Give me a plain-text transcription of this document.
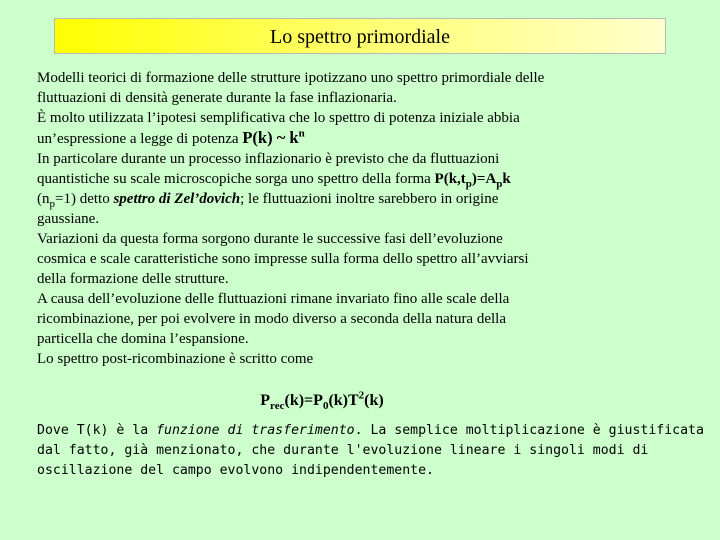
Lo spettro primordiale
Modelli teorici di formazione delle strutture ipotizzano uno spettro primordiale delle
fluttuazioni di densità generate durante la fase inflazionaria.
È molto utilizzata l’ipotesi semplificativa che lo spettro di potenza iniziale abbia
un’espressione a legge di potenza P(k) ~ $k^n$
In particolare durante un processo inflazionario è previsto che da fluttuazioni
quantistiche su scale microscopiche sorga uno spettro della forma $P(k,t_p)=A_pk$
$(n_p=1)$ detto spettro di Zel’dovich; le fluttuazioni inoltre sarebbero in origine
gaussiane.
Variazioni da questa forma sorgono durante le successive fasi dell’evoluzione
cosmica e scale caratteristiche sono impresse sulla forma dello spettro all’avviarsi
della formazione delle strutture.
A causa dell’evoluzione delle fluttuazioni rimane invariato fino alle scale della
ricombinazione, per poi evolvere in modo diverso a seconda della natura della
particella che domina l’espansione.
Lo spettro post-ricombinazione è scritto come
$P_{rec}(k)=P_0(k)T^2(k)$
Dove T(k) è la funzione di trasferimento. La semplice moltiplicazione è giustificata
dal fatto, già menzionato, che durante l'evoluzione lineare i singoli modi di
oscillazione del campo evolvono indipendentemente.
